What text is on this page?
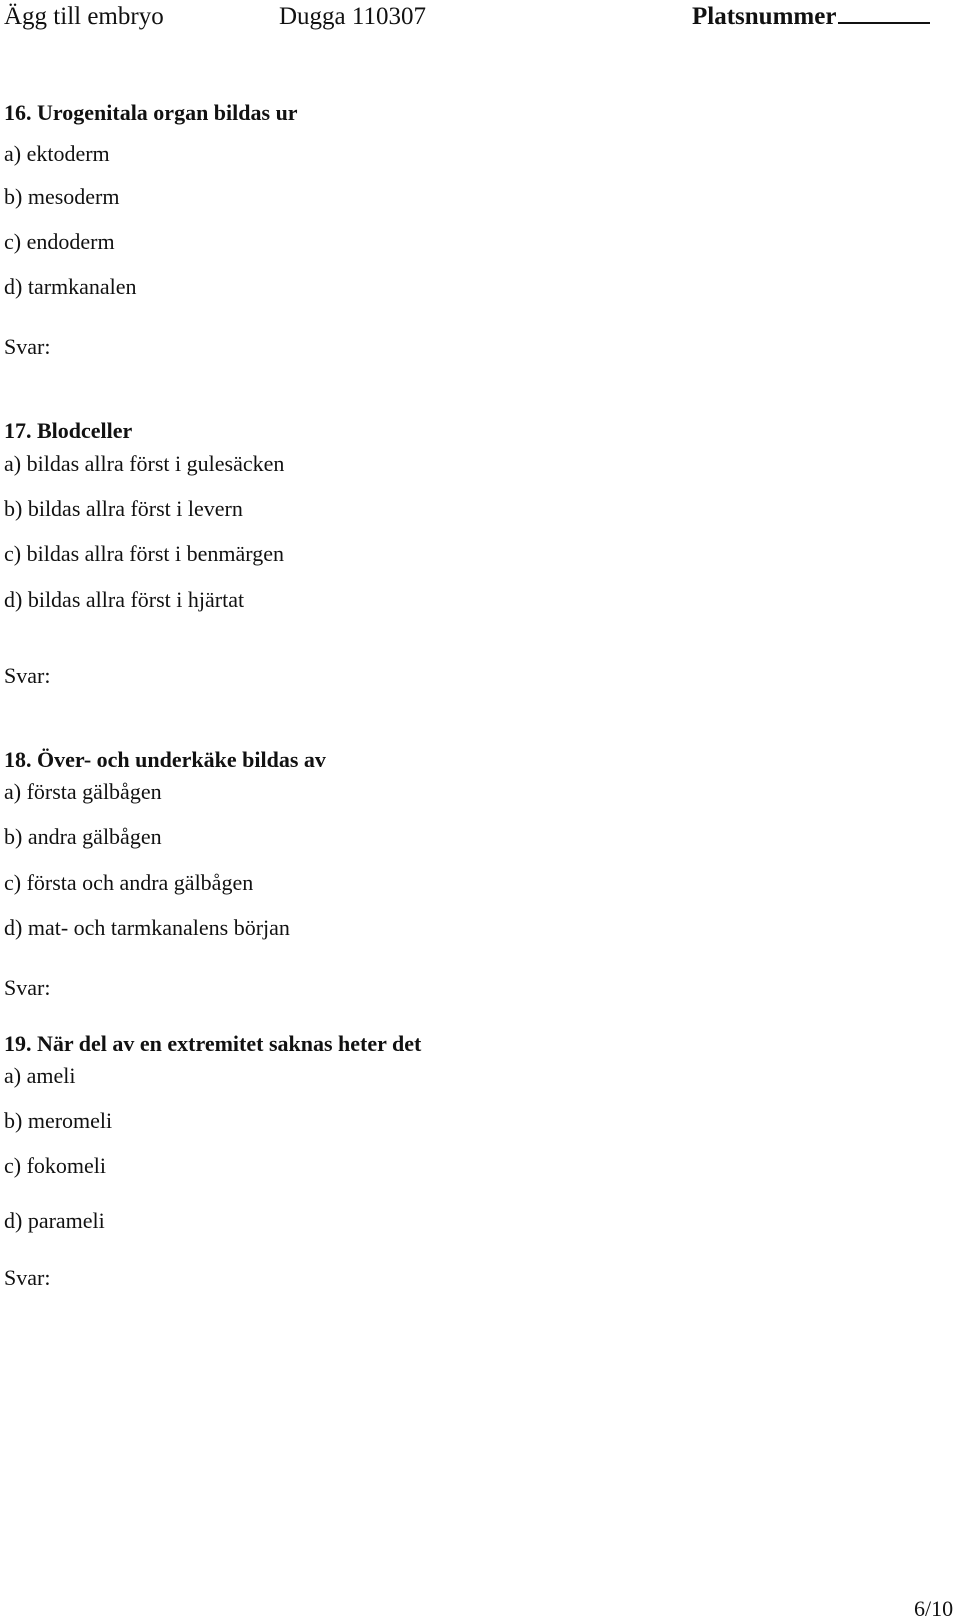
Ägg till embryo	Dugga 110307	Platsnummer
16. Urogenitala organ bildas ur
a) ektoderm
b) mesoderm
c) endoderm
d) tarmkanalen
Svar:
17. Blodceller
a) bildas allra först i gulesäcken
b) bildas allra först i levern
c) bildas allra först i benmärgen
d) bildas allra först i hjärtat
Svar:
18. Över- och underkäke bildas av
a) första gälbågen
b) andra gälbågen
c) första och andra gälbågen
d) mat- och tarmkanalens början
Svar:
19. När del av en extremitet saknas heter det
a) ameli
b) meromeli
c) fokomeli
d) parameli
Svar:
6/10
